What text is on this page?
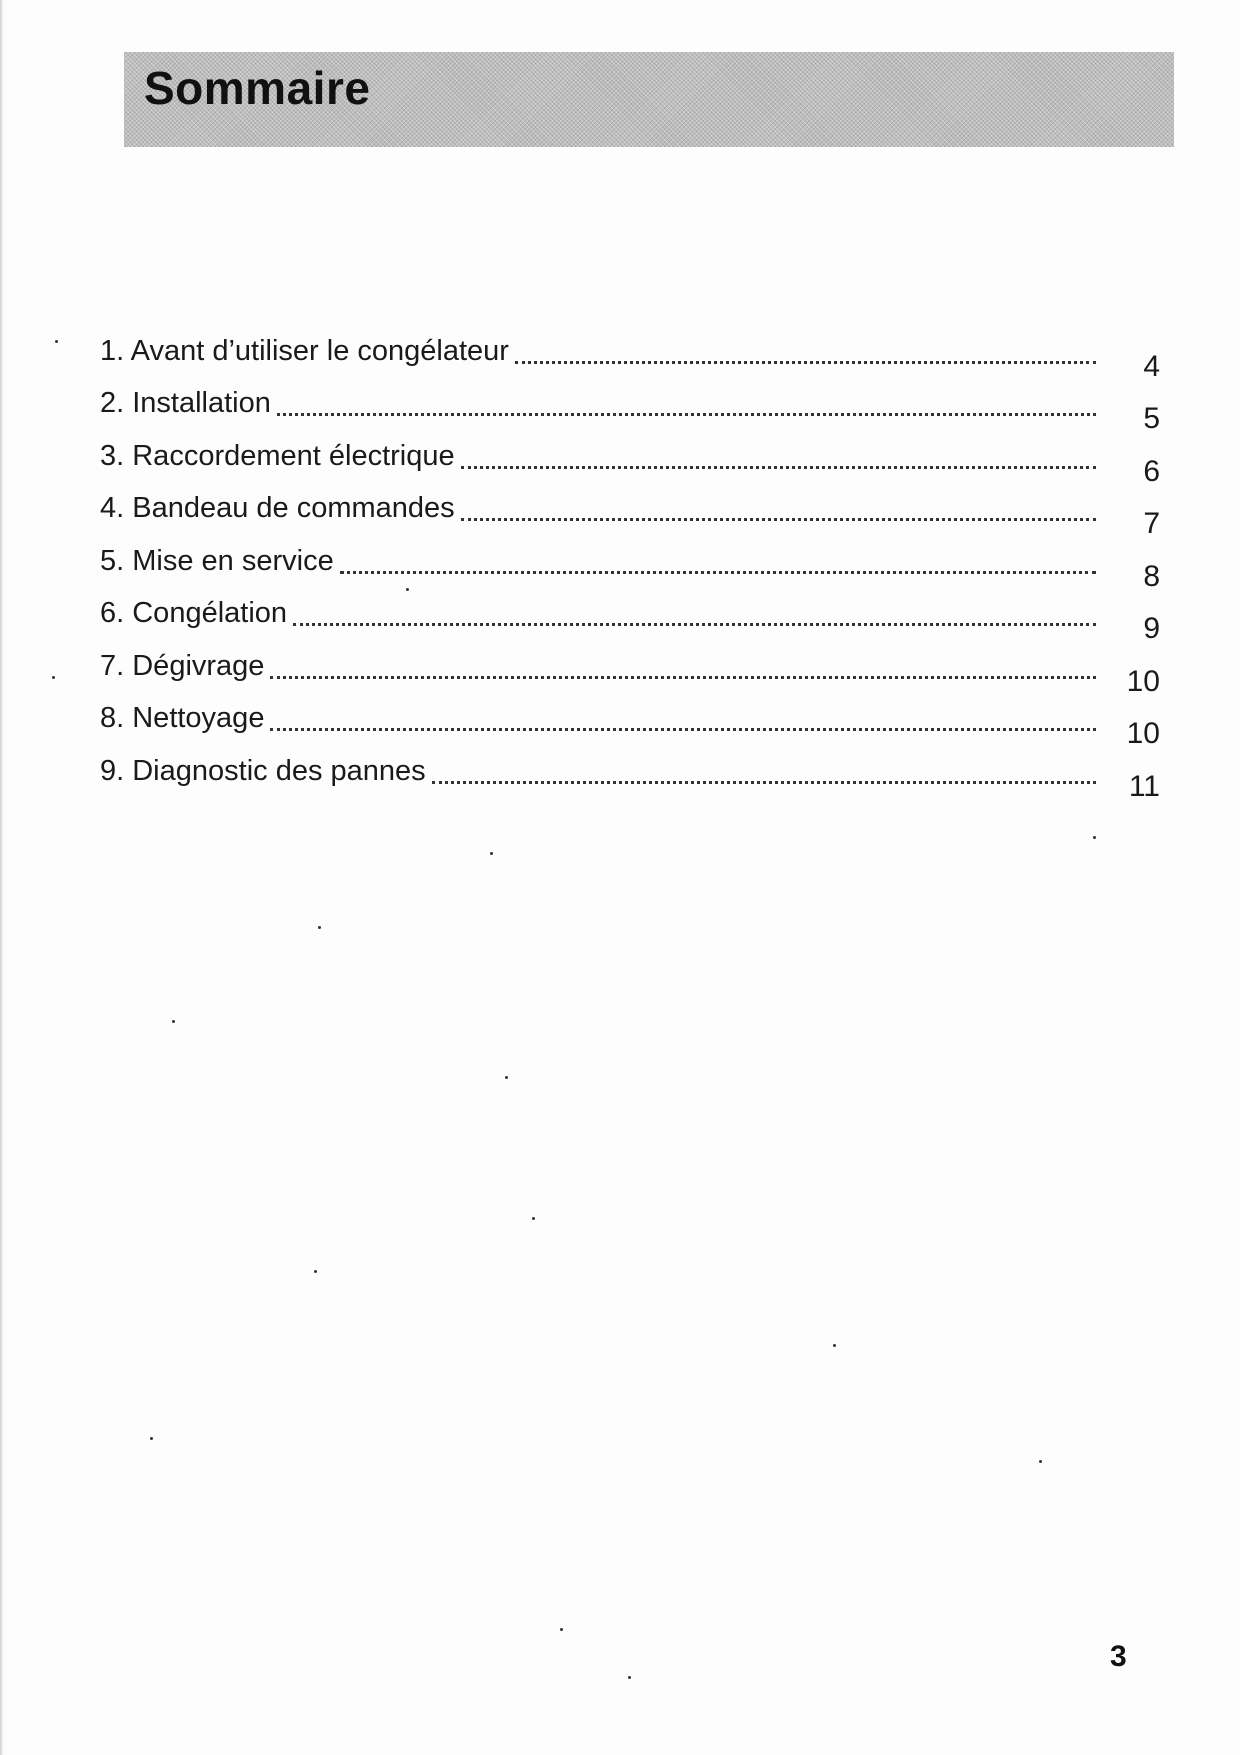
Sommaire
1. Avant d’utiliser le congélateur	4
2. Installation	5
3. Raccordement électrique	6
4. Bandeau de commandes	7
5. Mise en service	8
6. Congélation	9
7. Dégivrage	10
8. Nettoyage	10
9. Diagnostic des pannes	11
3
